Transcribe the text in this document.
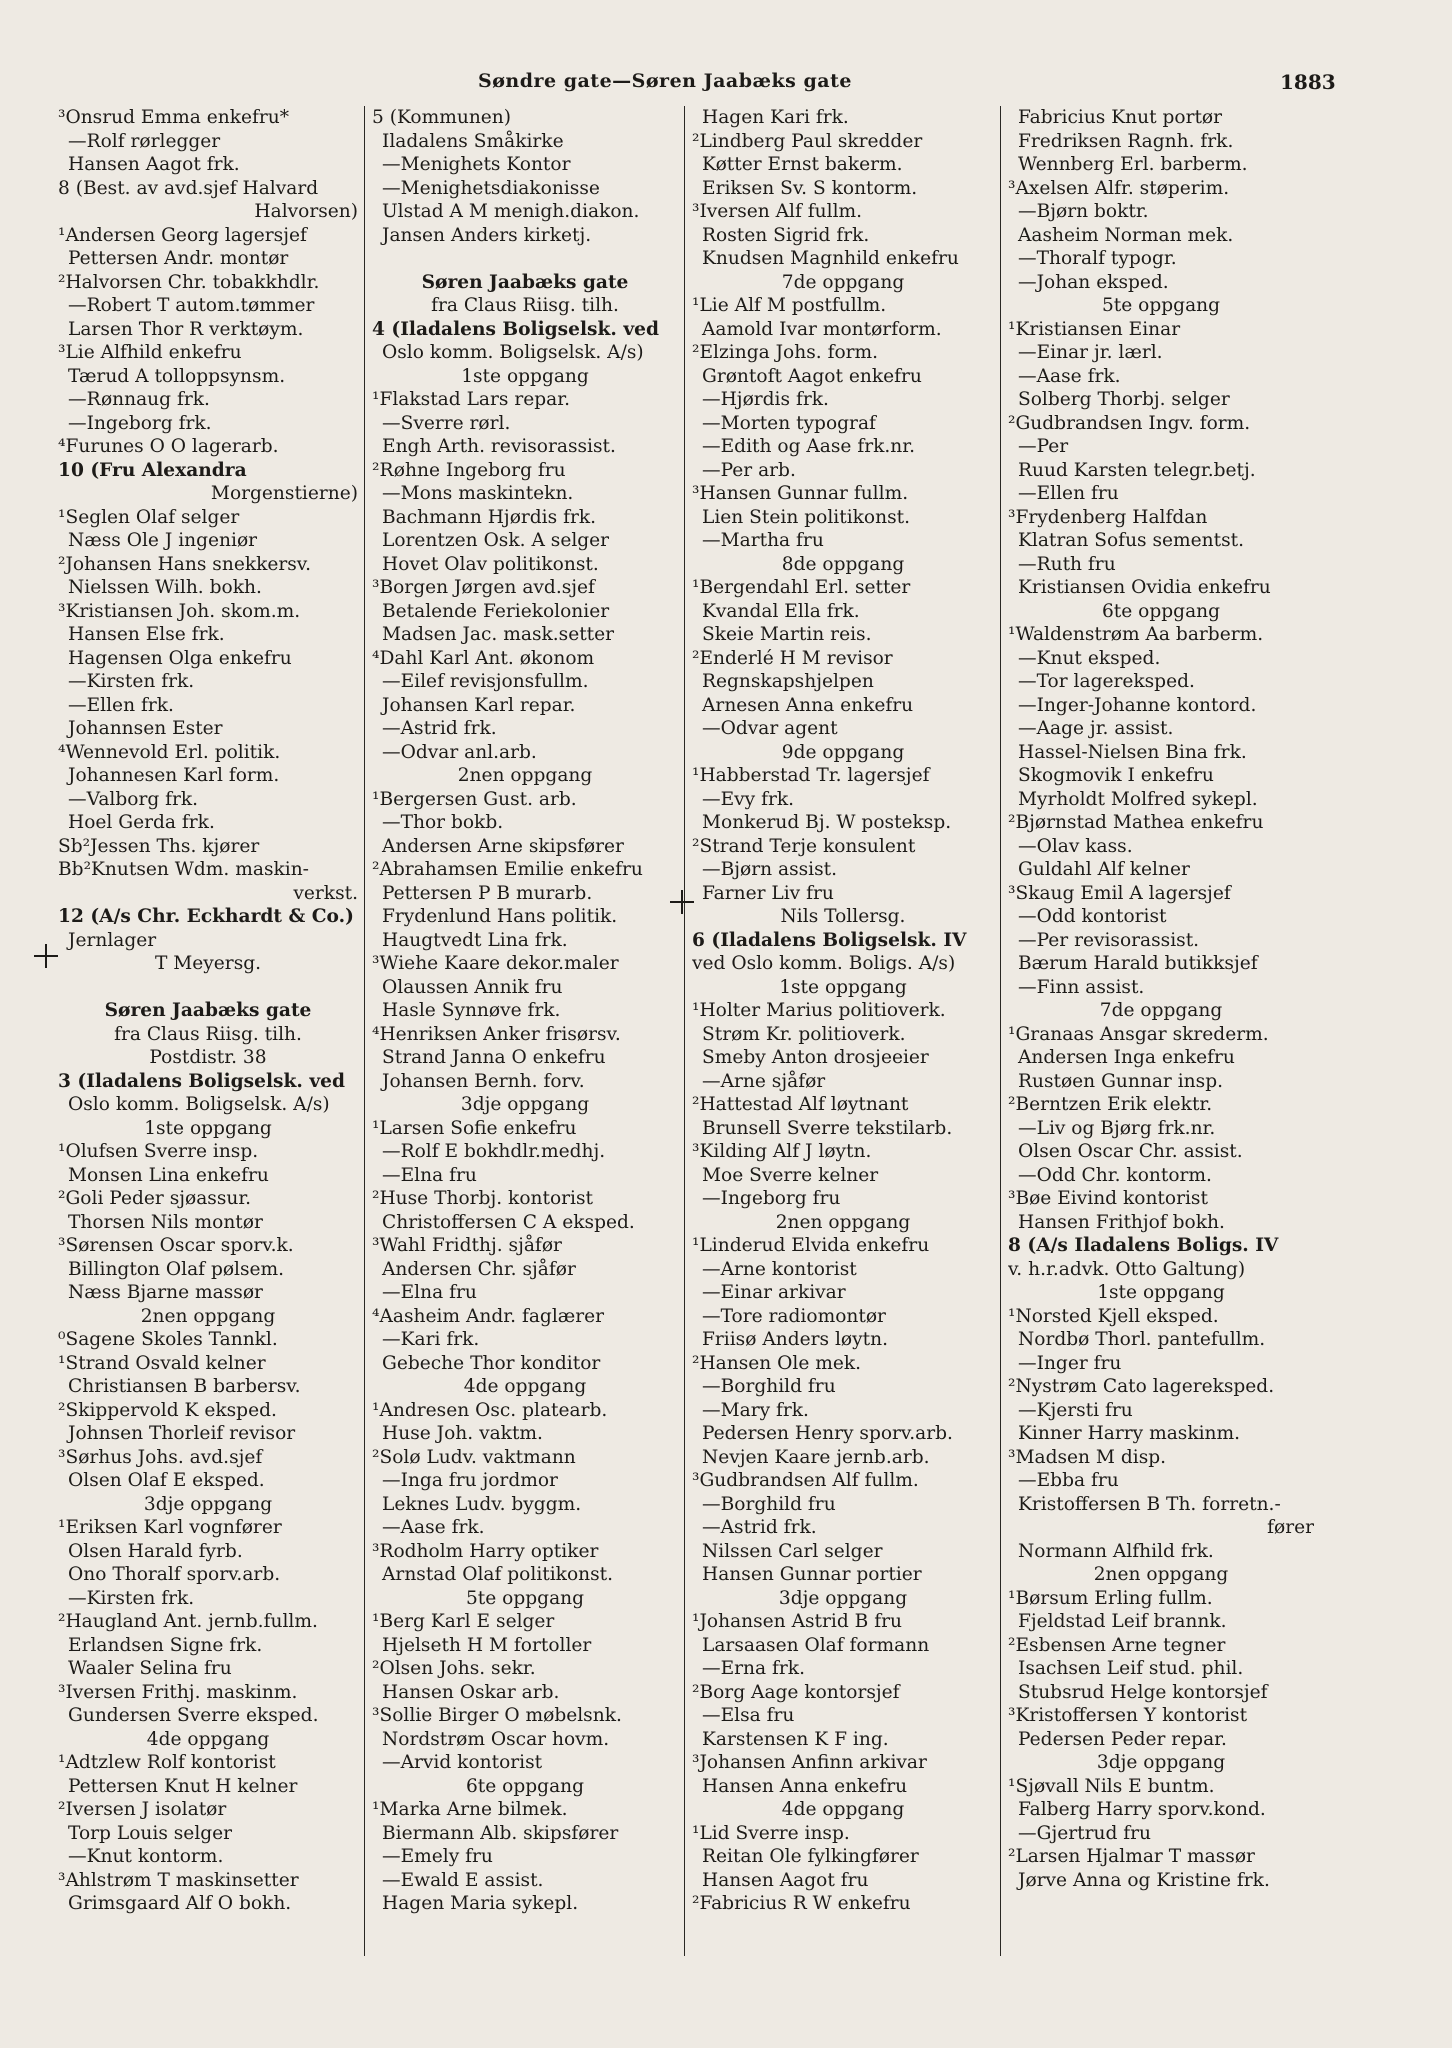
Søndre gate—Søren Jaabæks gate	1883
³Onsrud Emma enkefru*
—Rolf rørlegger
Hansen Aagot frk.
8 (Best. av avd.sjef Halvard
Halvorsen)
¹Andersen Georg lagersjef
Pettersen Andr. montør
²Halvorsen Chr. tobakkhdlr.
—Robert T autom.tømmer
Larsen Thor R verktøym.
³Lie Alfhild enkefru
Tærud A tolloppsynsm.
—Rønnaug frk.
—Ingeborg frk.
⁴Furunes O O lagerarb.
10 (Fru Alexandra
Morgenstierne)
¹Seglen Olaf selger
Næss Ole J ingeniør
²Johansen Hans snekkersv.
Nielssen Wilh. bokh.
³Kristiansen Joh. skom.m.
Hansen Else frk.
Hagensen Olga enkefru
—Kirsten frk.
—Ellen frk.
Johannsen Ester
⁴Wennevold Erl. politik.
Johannesen Karl form.
—Valborg frk.
Hoel Gerda frk.
Sb²Jessen Ths. kjører
Bb²Knutsen Wdm. maskin-
verkst.
12 (A/s Chr. Eckhardt & Co.)
Jernlager
T Meyersg.
Søren Jaabæks gate
fra Claus Riisg. tilh.
Postdistr. 38
3 (Iladalens Boligselsk. ved
Oslo komm. Boligselsk. A/s)
1ste oppgang
¹Olufsen Sverre insp.
Monsen Lina enkefru
²Goli Peder sjøassur.
Thorsen Nils montør
³Sørensen Oscar sporv.k.
Billington Olaf pølsem.
Næss Bjarne massør
2nen oppgang
⁰Sagene Skoles Tannkl.
¹Strand Osvald kelner
Christiansen B barbersv.
²Skippervold K eksped.
Johnsen Thorleif revisor
³Sørhus Johs. avd.sjef
Olsen Olaf E eksped.
3dje oppgang
¹Eriksen Karl vognfører
Olsen Harald fyrb.
Ono Thoralf sporv.arb.
—Kirsten frk.
²Haugland Ant. jernb.fullm.
Erlandsen Signe frk.
Waaler Selina fru
³Iversen Frithj. maskinm.
Gundersen Sverre eksped.
4de oppgang
¹Adtzlew Rolf kontorist
Pettersen Knut H kelner
²Iversen J isolatør
Torp Louis selger
—Knut kontorm.
³Ahlstrøm T maskinsetter
Grimsgaard Alf O bokh.
5 (Kommunen)
Iladalens Småkirke
—Menighets Kontor
—Menighetsdiakonisse
Ulstad A M menigh.diakon.
Jansen Anders kirketj.
Søren Jaabæks gate
fra Claus Riisg. tilh.
4 (Iladalens Boligselsk. ved
Oslo komm. Boligselsk. A/s)
1ste oppgang
¹Flakstad Lars repar.
—Sverre rørl.
Engh Arth. revisorassist.
²Røhne Ingeborg fru
—Mons maskintekn.
Bachmann Hjørdis frk.
Lorentzen Osk. A selger
Hovet Olav politikonst.
³Borgen Jørgen avd.sjef
Betalende Feriekolonier
Madsen Jac. mask.setter
⁴Dahl Karl Ant. økonom
—Eilef revisjonsfullm.
Johansen Karl repar.
—Astrid frk.
—Odvar anl.arb.
2nen oppgang
¹Bergersen Gust. arb.
—Thor bokb.
Andersen Arne skipsfører
²Abrahamsen Emilie enkefru
Pettersen P B murarb.
Frydenlund Hans politik.
Haugtvedt Lina frk.
³Wiehe Kaare dekor.maler
Olaussen Annik fru
Hasle Synnøve frk.
⁴Henriksen Anker frisørsv.
Strand Janna O enkefru
Johansen Bernh. forv.
3dje oppgang
¹Larsen Sofie enkefru
—Rolf E bokhdlr.medhj.
—Elna fru
²Huse Thorbj. kontorist
Christoffersen C A eksped.
³Wahl Fridthj. sjåfør
Andersen Chr. sjåfør
—Elna fru
⁴Aasheim Andr. faglærer
—Kari frk.
Gebeche Thor konditor
4de oppgang
¹Andresen Osc. platearb.
Huse Joh. vaktm.
²Solø Ludv. vaktmann
—Inga fru jordmor
Leknes Ludv. byggm.
—Aase frk.
³Rodholm Harry optiker
Arnstad Olaf politikonst.
5te oppgang
¹Berg Karl E selger
Hjelseth H M fortoller
²Olsen Johs. sekr.
Hansen Oskar arb.
³Sollie Birger O møbelsnk.
Nordstrøm Oscar hovm.
—Arvid kontorist
6te oppgang
¹Marka Arne bilmek.
Biermann Alb. skipsfører
—Emely fru
—Ewald E assist.
Hagen Maria sykepl.
Hagen Kari frk.
²Lindberg Paul skredder
Køtter Ernst bakerm.
Eriksen Sv. S kontorm.
³Iversen Alf fullm.
Rosten Sigrid frk.
Knudsen Magnhild enkefru
7de oppgang
¹Lie Alf M postfullm.
Aamold Ivar montørform.
²Elzinga Johs. form.
Grøntoft Aagot enkefru
—Hjørdis frk.
—Morten typograf
—Edith og Aase frk.nr.
—Per arb.
³Hansen Gunnar fullm.
Lien Stein politikonst.
—Martha fru
8de oppgang
¹Bergendahl Erl. setter
Kvandal Ella frk.
Skeie Martin reis.
²Enderlé H M revisor
Regnskapshjelpen
Arnesen Anna enkefru
—Odvar agent
9de oppgang
¹Habberstad Tr. lagersjef
—Evy frk.
Monkerud Bj. W posteksp.
²Strand Terje konsulent
—Bjørn assist.
Farner Liv fru
Nils Tollersg.
6 (Iladalens Boligselsk. IV
ved Oslo komm. Boligs. A/s)
1ste oppgang
¹Holter Marius politioverk.
Strøm Kr. politioverk.
Smeby Anton drosjeeier
—Arne sjåfør
²Hattestad Alf løytnant
Brunsell Sverre tekstilarb.
³Kilding Alf J løytn.
Moe Sverre kelner
—Ingeborg fru
2nen oppgang
¹Linderud Elvida enkefru
—Arne kontorist
—Einar arkivar
—Tore radiomontør
Friisø Anders løytn.
²Hansen Ole mek.
—Borghild fru
—Mary frk.
Pedersen Henry sporv.arb.
Nevjen Kaare jernb.arb.
³Gudbrandsen Alf fullm.
—Borghild fru
—Astrid frk.
Nilssen Carl selger
Hansen Gunnar portier
3dje oppgang
¹Johansen Astrid B fru
Larsaasen Olaf formann
—Erna frk.
²Borg Aage kontorsjef
—Elsa fru
Karstensen K F ing.
³Johansen Anfinn arkivar
Hansen Anna enkefru
4de oppgang
¹Lid Sverre insp.
Reitan Ole fylkingfører
Hansen Aagot fru
²Fabricius R W enkefru
Fabricius Knut portør
Fredriksen Ragnh. frk.
Wennberg Erl. barberm.
³Axelsen Alfr. støperim.
—Bjørn boktr.
Aasheim Norman mek.
—Thoralf typogr.
—Johan eksped.
5te oppgang
¹Kristiansen Einar
—Einar jr. lærl.
—Aase frk.
Solberg Thorbj. selger
²Gudbrandsen Ingv. form.
—Per
Ruud Karsten telegr.betj.
—Ellen fru
³Frydenberg Halfdan
Klatran Sofus sementst.
—Ruth fru
Kristiansen Ovidia enkefru
6te oppgang
¹Waldenstrøm Aa barberm.
—Knut eksped.
—Tor lagereksped.
—Inger-Johanne kontord.
—Aage jr. assist.
Hassel-Nielsen Bina frk.
Skogmovik I enkefru
Myrholdt Molfred sykepl.
²Bjørnstad Mathea enkefru
—Olav kass.
Guldahl Alf kelner
³Skaug Emil A lagersjef
—Odd kontorist
—Per revisorassist.
Bærum Harald butikksjef
—Finn assist.
7de oppgang
¹Granaas Ansgar skrederm.
Andersen Inga enkefru
Rustøen Gunnar insp.
²Berntzen Erik elektr.
—Liv og Bjørg frk.nr.
Olsen Oscar Chr. assist.
—Odd Chr. kontorm.
³Bøe Eivind kontorist
Hansen Frithjof bokh.
8 (A/s Iladalens Boligs. IV
v. h.r.advk. Otto Galtung)
1ste oppgang
¹Norsted Kjell eksped.
Nordbø Thorl. pantefullm.
—Inger fru
²Nystrøm Cato lagereksped.
—Kjersti fru
Kinner Harry maskinm.
³Madsen M disp.
—Ebba fru
Kristoffersen B Th. forretn.-
fører
Normann Alfhild frk.
2nen oppgang
¹Børsum Erling fullm.
Fjeldstad Leif brannk.
²Esbensen Arne tegner
Isachsen Leif stud. phil.
Stubsrud Helge kontorsjef
³Kristoffersen Y kontorist
Pedersen Peder repar.
3dje oppgang
¹Sjøvall Nils E buntm.
Falberg Harry sporv.kond.
—Gjertrud fru
²Larsen Hjalmar T massør
Jørve Anna og Kristine frk.
